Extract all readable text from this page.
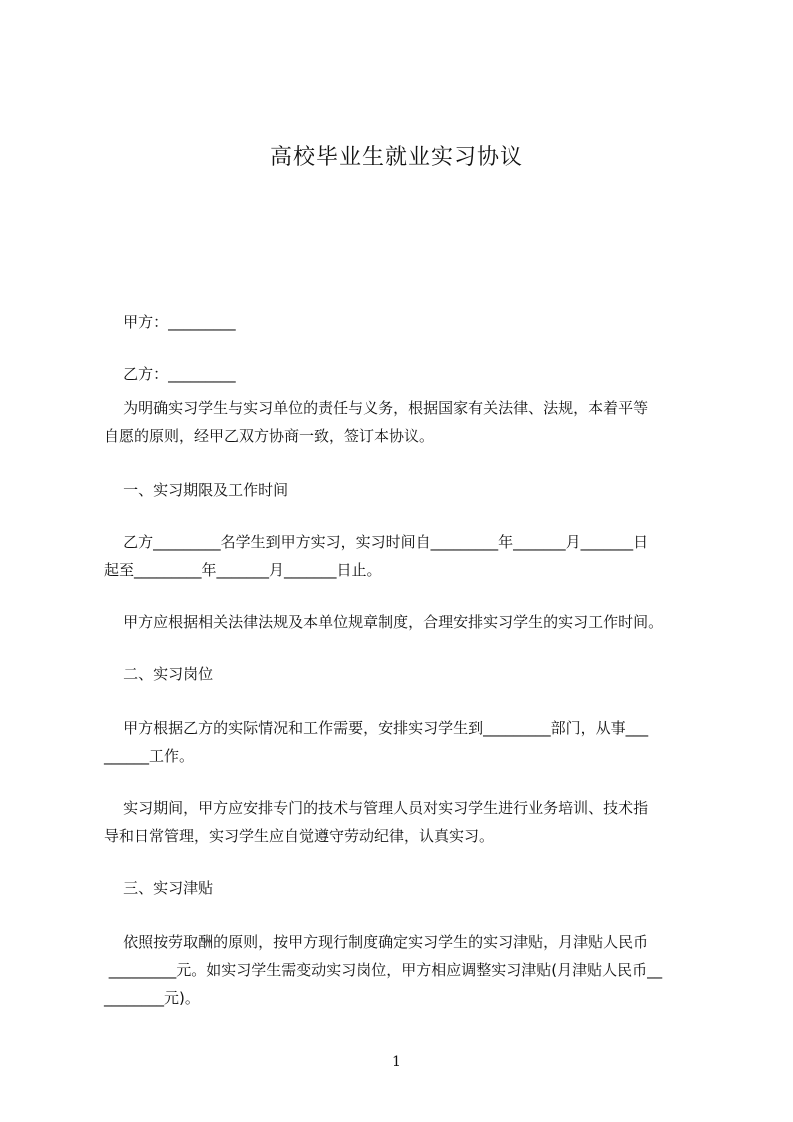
高校毕业生就业实习协议

甲方：_________

乙方：_________

为明确实习学生与实习单位的责任与义务，根据国家有关法律、法规，本着平等
自愿的原则，经甲乙双方协商一致，签订本协议。
一、实习期限及工作时间
乙方_________名学生到甲方实习，实习时间自_________年_______月_______日
起至_________年_______月_______日止。
甲方应根据相关法律法规及本单位规章制度，合理安排实习学生的实习工作时间。
二、实习岗位
甲方根据乙方的实际情况和工作需要，安排实习学生到_________部门，从事___
______工作。
实习期间，甲方应安排专门的技术与管理人员对实习学生进行业务培训、技术指
导和日常管理，实习学生应自觉遵守劳动纪律，认真实习。
三、实习津贴
依照按劳取酬的原则，按甲方现行制度确定实习学生的实习津贴，月津贴人民币
_________元。如实习学生需变动实习岗位，甲方相应调整实习津贴(月津贴人民币__
________元)。
1
